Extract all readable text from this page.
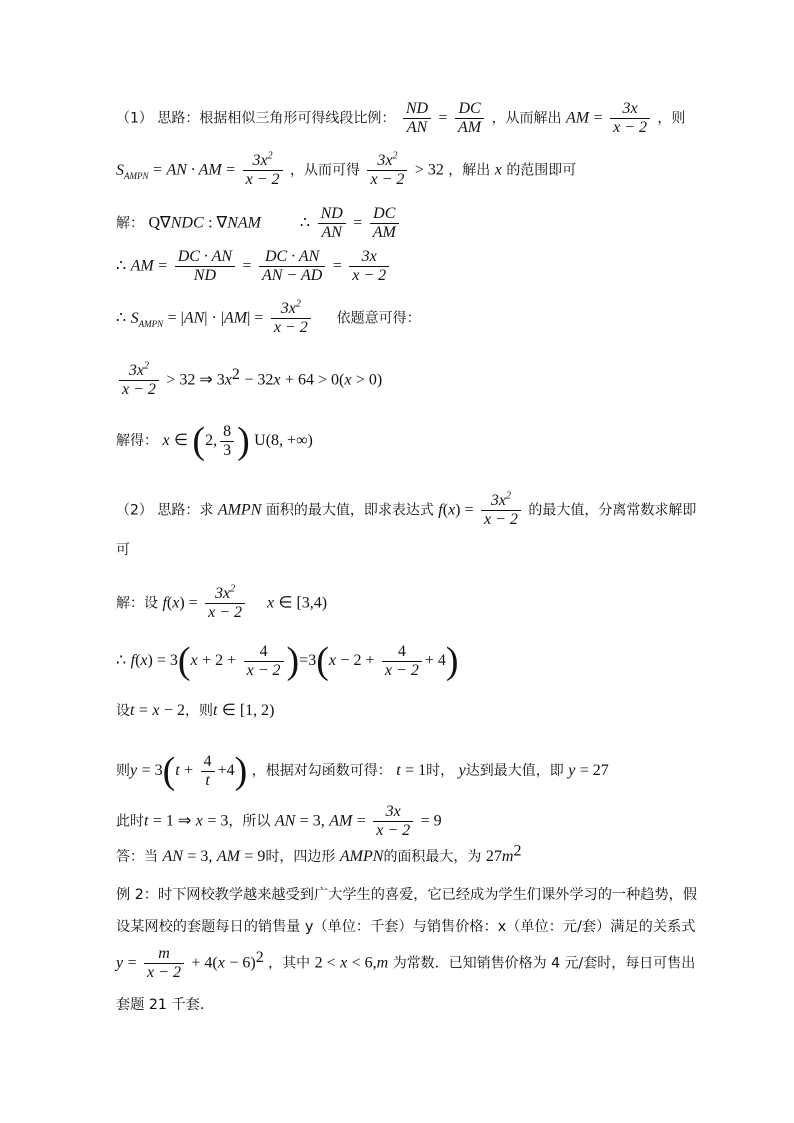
（1） 思路：根据相似三角形可得线段比例： $\frac{ND}{AN} = \frac{DC}{AM}$ ，从而解出 AM = $\frac{3x}{x - 2}$ ，则
$S_{AMPN}$ = AN · AM = $\frac{3x^2}{x - 2}$ ，从而可得 $\frac{3x^2}{x - 2} > 32$ ，解出 x 的范围即可
解： Q∇NDC : ∇NAM ∴ $\frac{ND}{AN} = \frac{DC}{AM}$
∴ AM = $\frac{DC \cdot AN}{ND} = \frac{DC \cdot AN}{AN - AD} = \frac{3x}{x - 2}$
∴ $S_{AMPN} = |AN| \cdot |AM| = \frac{3x^2}{x - 2}$ 依题意可得：
$\frac{3x^2}{x - 2} > 32$ ⇒ $3x^2 - 32x + 64 > 0(x > 0)$
解得： x ∈ (2, $\frac{8}{3}$ ) U(8, +∞)
（2） 思路：求 AMPN 面积的最大值，即求表达式 $f(x) = \frac{3x^2}{x - 2}$ 的最大值，分离常数求解即
可
解：设 $f(x) = \frac{3x^2}{x - 2}$ x ∈ [3,4)
∴ $f(x) = 3(x + 2 + \frac{4}{x - 2} )=3(x - 2 + \frac{4}{x - 2} + 4)$
设t = x − 2，则t ∈ [1, 2)
则$y = 3(t + \frac{4}{t} +4)$ ，根据对勾函数可得： t = 1时， y达到最大值，即 y = 27
此时t = 1 ⇒ x = 3，所以 AN = 3, AM = $\frac{3x}{x - 2} = 9$
答：当 AN = 3, AM = 9时，四边形 AMPN的面积最大，为 $27m^2$
例 2：时下网校教学越来越受到广大学生的喜爱，它已经成为学生们课外学习的一种趋势，假
设某网校的套题每日的销售量 y（单位：千套）与销售价格：x（单位：元/套）满足的关系式
$y = \frac{m}{x - 2} + 4(x - 6)^2$ ，其中 2 < x < 6,m 为常数．已知销售价格为 4 元/套时，每日可售出
套题 21 千套．
